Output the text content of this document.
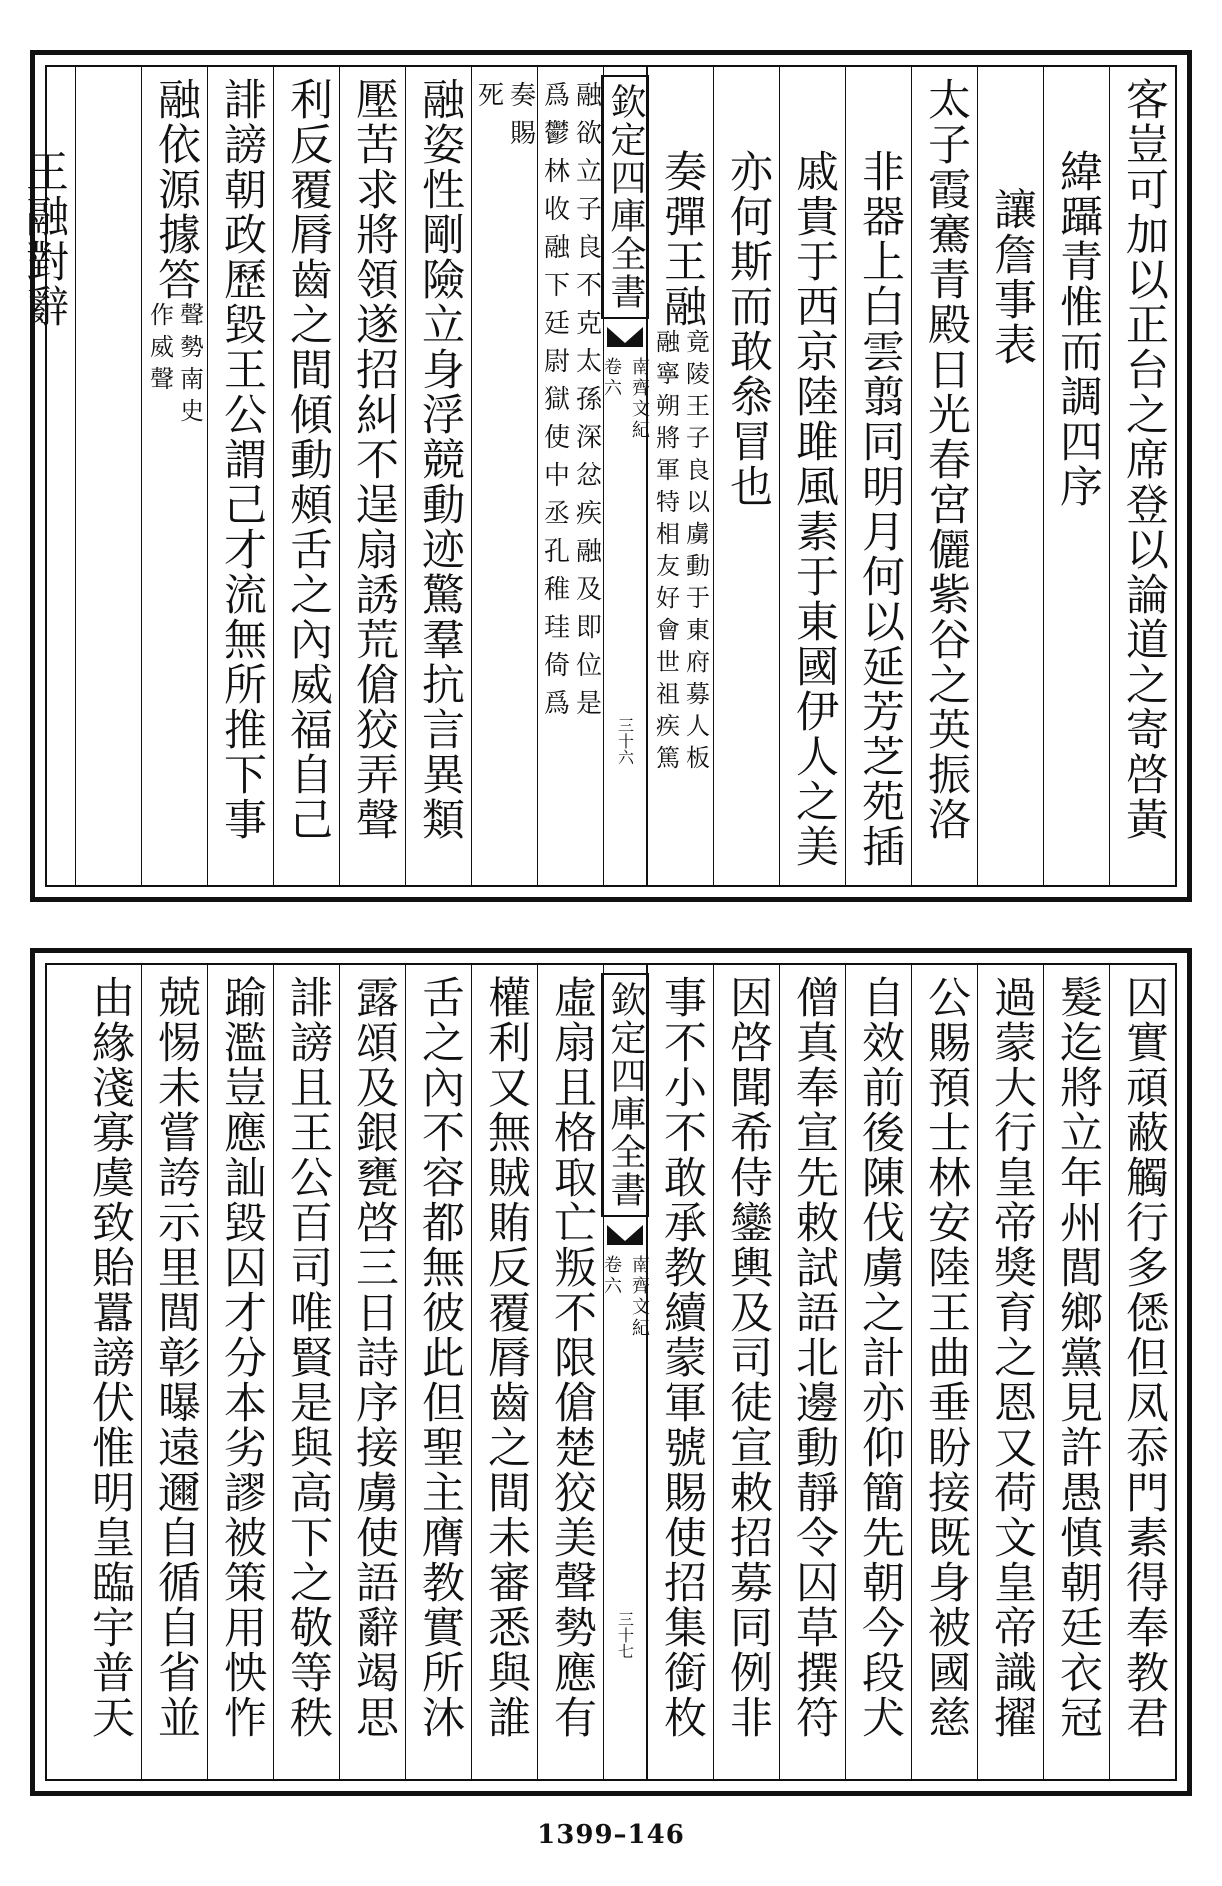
客豈可加以正台之席登以論道之寄啓黃
緯躡青惟而調四序
讓詹事表
太子霞騫青殿日光春宮儷紫谷之英振洛
非器上白雲翦同明月何以延芳芝苑插
戚貴于西京陸雎風素于東國伊人之美
亦何斯而敢叅冒也
奏彈王融
竟陵王子良以虜動于東府募人板
融寧朔將軍特相友好會世祖疾篤
欽定四庫全書
南齊文紀
卷六
三十六
融欲立子良不克太孫深忿疾融及即位是
爲鬱林收融下廷尉獄使中丞孔稚珪倚爲
奏賜
死
融姿性剛險立身浮競動迹驚羣抗言異類
壓苦求將領遂招糾不逞扇誘荒傖狡弄聲
利反覆脣齒之間傾動頰舌之內威福自己
誹謗朝政歷毀王公謂己才流無所推下事
融依源據答
聲勢南史
作威聲
王融對辭
囚實頑蔽觸行多僁但凤忝門素得奉教君
髮迄將立年州閭鄉黨見許愚慎朝廷衣冠
過蒙大行皇帝獎育之恩又荷文皇帝識擢
公賜預士林安陸王曲垂盼接既身被國慈
自效前後陳伐虜之計亦仰簡先朝今段犬
僧真奉宣先敕試語北邊動靜令囚草撰符
因啓聞希侍鑾輿及司徒宣敕招募同例非
事不小不敢承教續蒙軍號賜使招集銜枚
欽定四庫全書
南齊文紀
卷六
三十七
虛扇且格取亡叛不限傖楚狡美聲勢應有
權利又無賊賄反覆脣齒之間未審悉與誰
舌之內不容都無彼此但聖主膺教實所沐
露頌及銀甕啓三日詩序接虜使語辭竭思
誹謗且王公百司唯賢是與高下之敬等秩
踰濫豈應訕毀囚才分本劣謬被策用怏怍
兢惕未嘗誇示里閭彰曝遠邇自循自省並
由緣淺寡虞致貽囂謗伏惟明皇臨宇普天
1399–146
